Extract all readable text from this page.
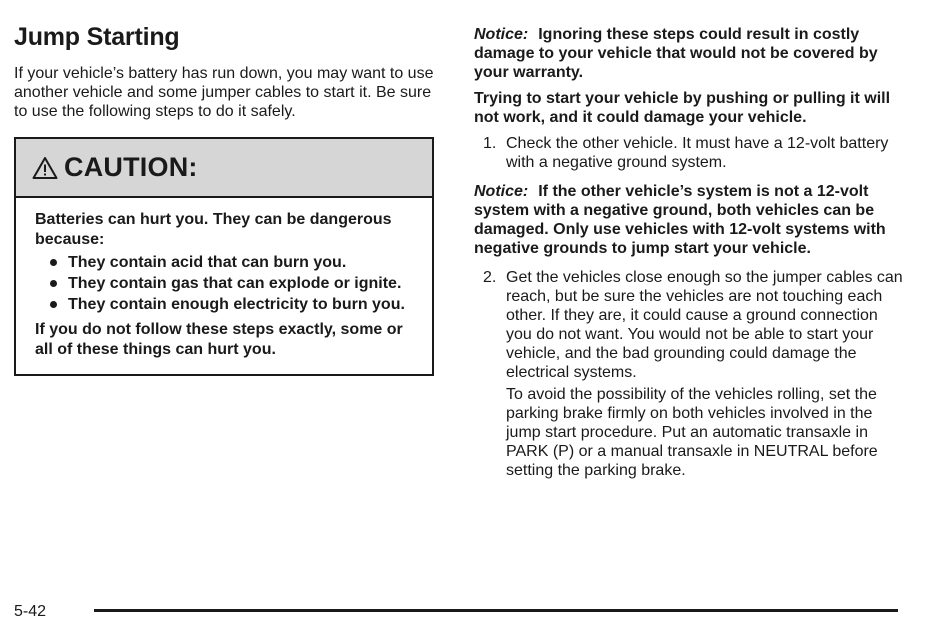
Jump Starting

If your vehicle’s battery has run down, you may want to use another vehicle and some jumper cables to start it. Be sure to use the following steps to do it safely.

CAUTION:

Batteries can hurt you. They can be dangerous because:

They contain acid that can burn you.
They contain gas that can explode or ignite.
They contain enough electricity to burn you.

If you do not follow these steps exactly, some or all of these things can hurt you.

Notice: Ignoring these steps could result in costly damage to your vehicle that would not be covered by your warranty.

Trying to start your vehicle by pushing or pulling it will not work, and it could damage your vehicle.

1. Check the other vehicle. It must have a 12-volt battery with a negative ground system.

Notice: If the other vehicle’s system is not a 12-volt system with a negative ground, both vehicles can be damaged. Only use vehicles with 12-volt systems with negative grounds to jump start your vehicle.

2. Get the vehicles close enough so the jumper cables can reach, but be sure the vehicles are not touching each other. If they are, it could cause a ground connection you do not want. You would not be able to start your vehicle, and the bad grounding could damage the electrical systems.

To avoid the possibility of the vehicles rolling, set the parking brake firmly on both vehicles involved in the jump start procedure. Put an automatic transaxle in PARK (P) or a manual transaxle in NEUTRAL before setting the parking brake.

5-42
